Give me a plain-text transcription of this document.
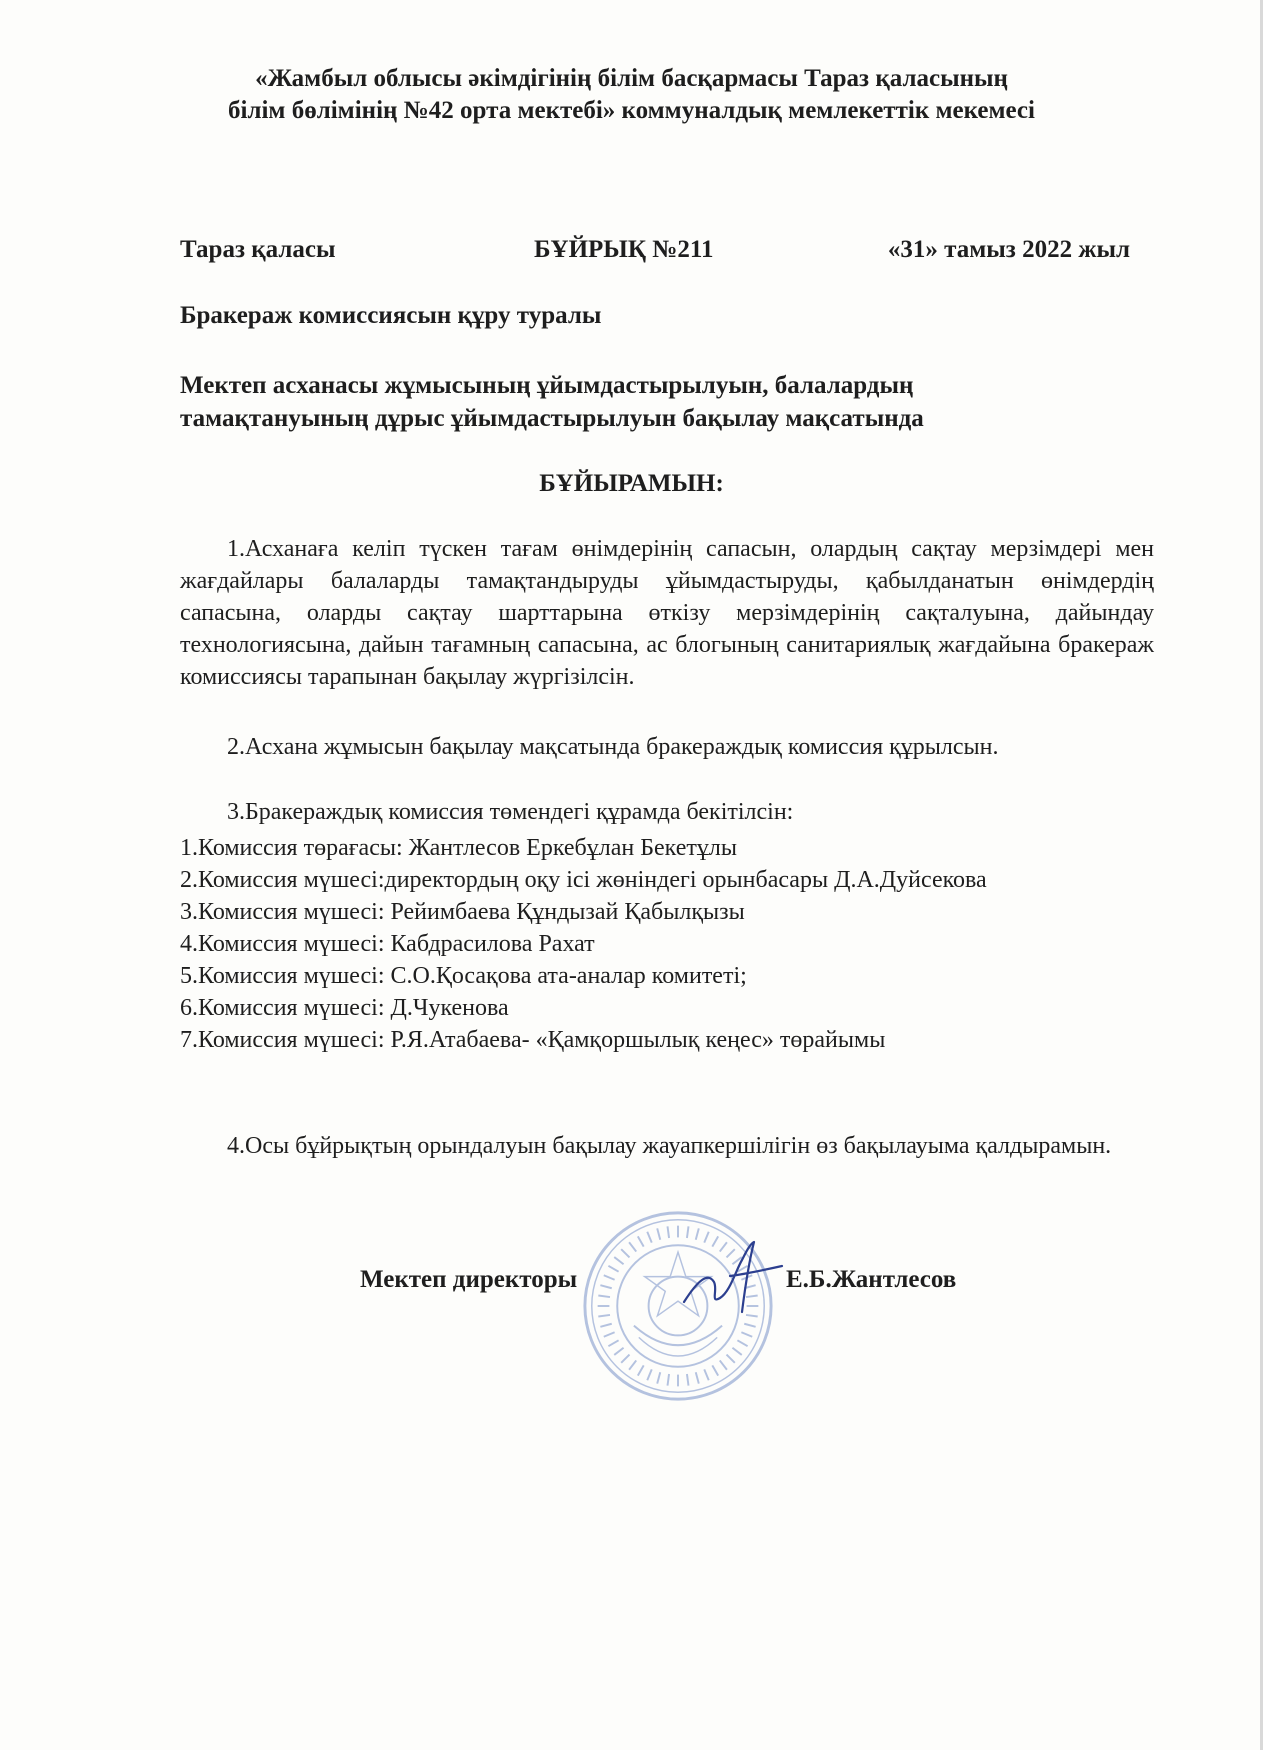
«Жамбыл облысы әкімдігінің білім басқармасы Тараз қаласының
білім бөлімінің №42 орта мектебі» коммуналдық мемлекеттік мекемесі
Тараз қаласы	БҰЙРЫҚ №211	«31» тамыз 2022 жыл
Бракераж комиссиясын құру туралы
Мектеп асханасы жұмысының ұйымдастырылуын, балалардың
тамақтануының дұрыс ұйымдастырылуын бақылау мақсатында
БҰЙЫРАМЫН:

1.Асханаға келіп түскен тағам өнімдерінің сапасын, олардың сақтау мерзімдері мен жағдайлары балаларды тамақтандыруды ұйымдастыруды, қабылданатын өнімдердің сапасына, оларды сақтау шарттарына өткізу мерзімдерінің сақталуына, дайындау технологиясына, дайын тағамның сапасына, ас блогының санитариялық жағдайына бракераж комиссиясы тарапынан бақылау жүргізілсін.

2.Асхана жұмысын бақылау мақсатында бракераждық комиссия құрылсын.

3.Бракераждық комиссия төмендегі құрамда бекітілсін:

1.Комиссия төрағасы: Жантлесов Еркебұлан Бекетұлы
2.Комиссия мүшесі:директордың оқу ісі жөніндегі орынбасары Д.А.Дуйсекова
3.Комиссия мүшесі: Рейимбаева Құндызай Қабылқызы
4.Комиссия мүшесі: Кабдрасилова Рахат
5.Комиссия мүшесі: С.О.Қосақова ата-аналар комитеті;
6.Комиссия мүшесі: Д.Чукенова
7.Комиссия мүшесі: Р.Я.Атабаева- «Қамқоршылық кеңес» төрайымы

4.Осы бұйрықтың орындалуын бақылау жауапкершілігін өз бақылауыма қалдырамын.

Мектеп директоры	Е.Б.Жантлесов
